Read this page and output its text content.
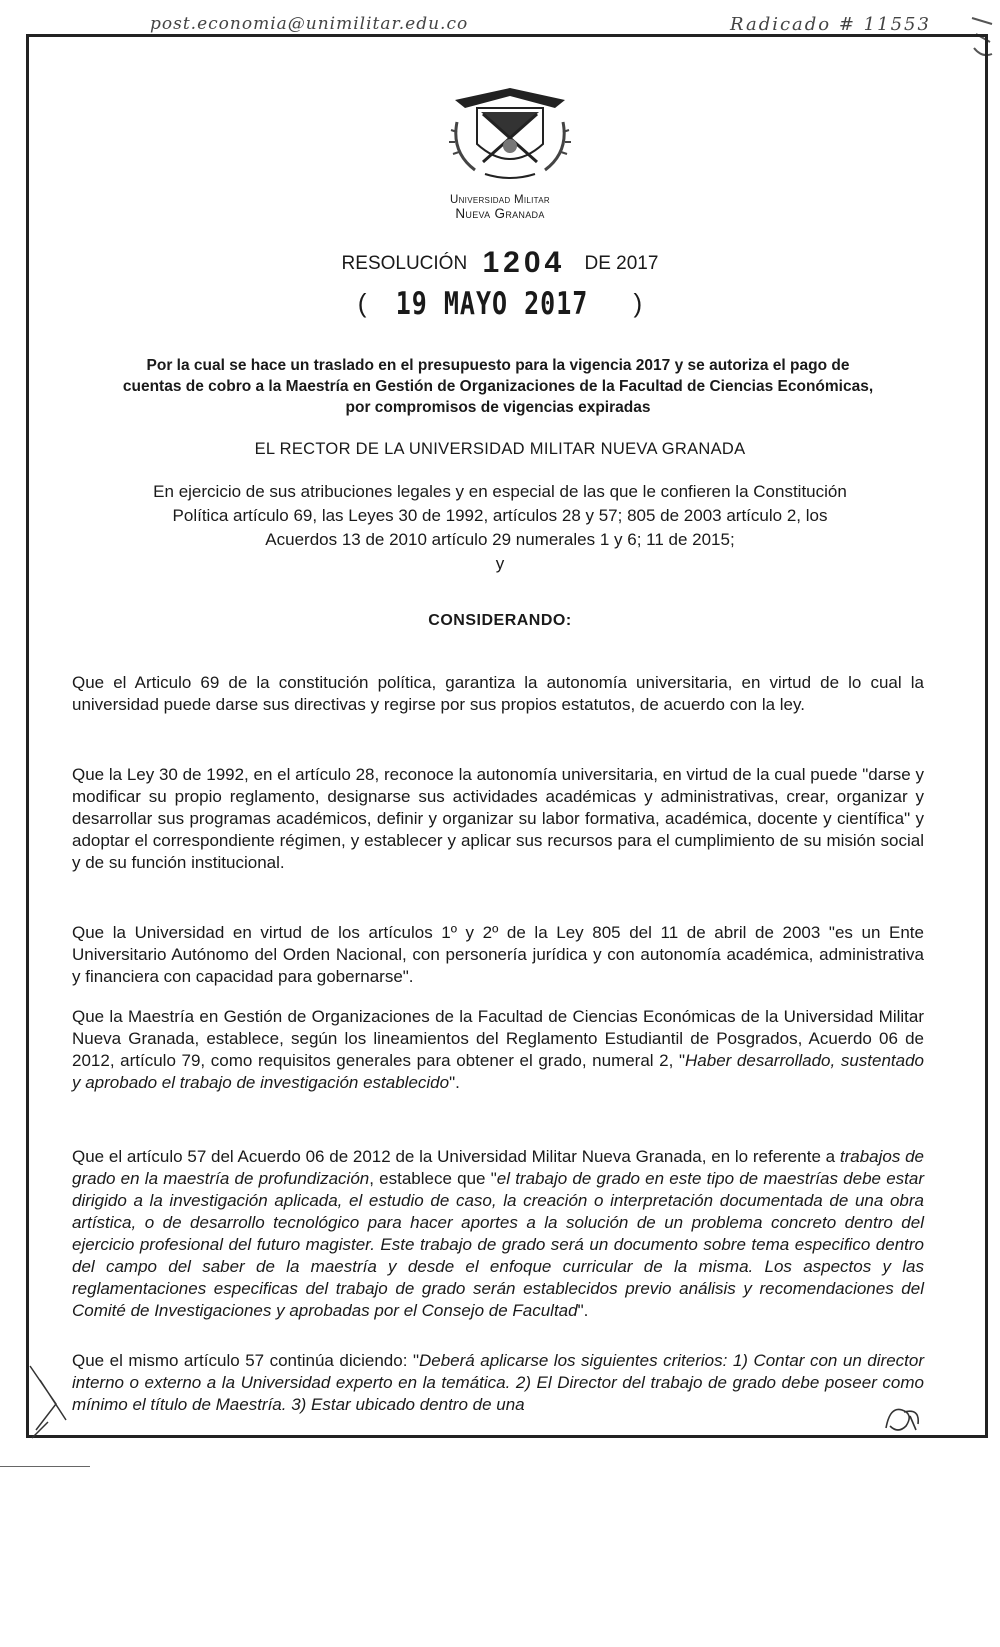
post.economia@unimilitar.edu.co	Radicado # 11553
Universidad Militar
Nueva Granada
RESOLUCIÓN 1204 DE 2017
( 19 MAYO 2017 )
Por la cual se hace un traslado en el presupuesto para la vigencia 2017 y se autoriza el pago de cuentas de cobro a la Maestría en Gestión de Organizaciones de la Facultad de Ciencias Económicas, por compromisos de vigencias expiradas
EL RECTOR DE LA UNIVERSIDAD MILITAR NUEVA GRANADA
En ejercicio de sus atribuciones legales y en especial de las que le confieren la Constitución Política artículo 69, las Leyes 30 de 1992, artículos 28 y 57; 805 de 2003 artículo 2, los Acuerdos 13 de 2010 artículo 29 numerales 1 y 6; 11 de 2015;
y
CONSIDERANDO:
Que el Articulo 69 de la constitución política, garantiza la autonomía universitaria, en virtud de lo cual la universidad puede darse sus directivas y regirse por sus propios estatutos, de acuerdo con la ley.
Que la Ley 30 de 1992, en el artículo 28, reconoce la autonomía universitaria, en virtud de la cual puede "darse y modificar su propio reglamento, designarse sus actividades académicas y administrativas, crear, organizar y desarrollar sus programas académicos, definir y organizar su labor formativa, académica, docente y científica" y adoptar el correspondiente régimen, y establecer y aplicar sus recursos para el cumplimiento de su misión social y de su función institucional.
Que la Universidad en virtud de los artículos 1º y 2º de la Ley 805 del 11 de abril de 2003 "es un Ente Universitario Autónomo del Orden Nacional, con personería jurídica y con autonomía académica, administrativa y financiera con capacidad para gobernarse".
Que la Maestría en Gestión de Organizaciones de la Facultad de Ciencias Económicas de la Universidad Militar Nueva Granada, establece, según los lineamientos del Reglamento Estudiantil de Posgrados, Acuerdo 06 de 2012, artículo 79, como requisitos generales para obtener el grado, numeral 2, "Haber desarrollado, sustentado y aprobado el trabajo de investigación establecido".
Que el artículo 57 del Acuerdo 06 de 2012 de la Universidad Militar Nueva Granada, en lo referente a trabajos de grado en la maestría de profundización, establece que "el trabajo de grado en este tipo de maestrías debe estar dirigido a la investigación aplicada, el estudio de caso, la creación o interpretación documentada de una obra artística, o de desarrollo tecnológico para hacer aportes a la solución de un problema concreto dentro del ejercicio profesional del futuro magister. Este trabajo de grado será un documento sobre tema especifico dentro del campo del saber de la maestría y desde el enfoque curricular de la misma. Los aspectos y las reglamentaciones especificas del trabajo de grado serán establecidos previo análisis y recomendaciones del Comité de Investigaciones y aprobadas por el Consejo de Facultad".
Que el mismo artículo 57 continúa diciendo: "Deberá aplicarse los siguientes criterios: 1) Contar con un director interno o externo a la Universidad experto en la temática. 2) El Director del trabajo de grado debe poseer como mínimo el título de Maestría. 3) Estar ubicado dentro de una
